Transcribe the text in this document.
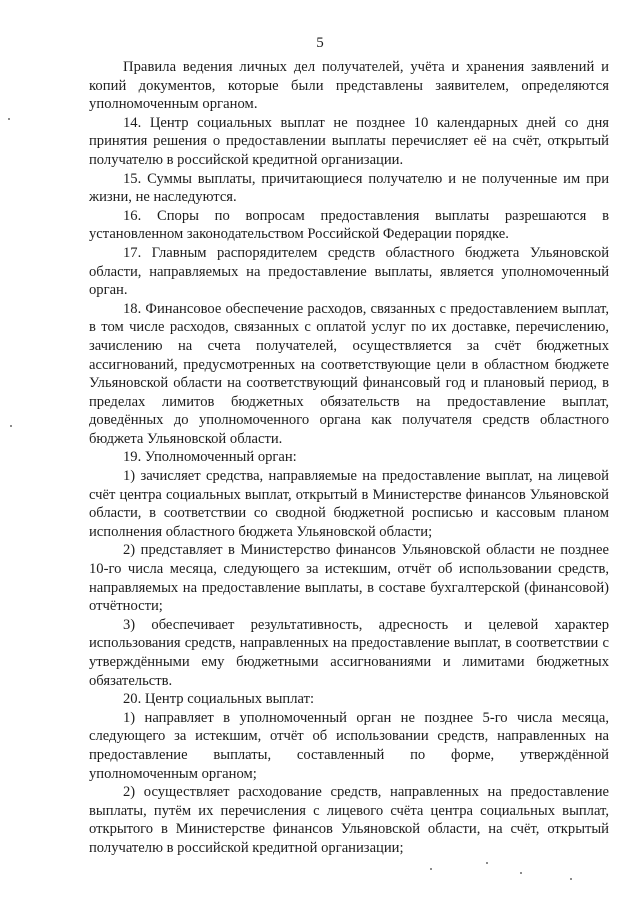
5

Правила ведения личных дел получателей, учёта и хранения заявлений и копий документов, которые были представлены заявителем, определяются уполномоченным органом.

14. Центр социальных выплат не позднее 10 календарных дней со дня принятия решения о предоставлении выплаты перечисляет её на счёт, открытый получателю в российской кредитной организации.

15. Суммы выплаты, причитающиеся получателю и не полученные им при жизни, не наследуются.

16. Споры по вопросам предоставления выплаты разрешаются в установленном законодательством Российской Федерации порядке.

17. Главным распорядителем средств областного бюджета Ульяновской области, направляемых на предоставление выплаты, является уполномоченный орган.

18. Финансовое обеспечение расходов, связанных с предоставлением выплат, в том числе расходов, связанных с оплатой услуг по их доставке, перечислению, зачислению на счета получателей, осуществляется за счёт бюджетных ассигнований, предусмотренных на соответствующие цели в областном бюджете Ульяновской области на соответствующий финансовый год и плановый период, в пределах лимитов бюджетных обязательств на предоставление выплат, доведённых до уполномоченного органа как получателя средств областного бюджета Ульяновской области.

19. Уполномоченный орган:

1) зачисляет средства, направляемые на предоставление выплат, на лицевой счёт центра социальных выплат, открытый в Министерстве финансов Ульяновской области, в соответствии со сводной бюджетной росписью и кассовым планом исполнения областного бюджета Ульяновской области;

2) представляет в Министерство финансов Ульяновской области не позднее 10-го числа месяца, следующего за истекшим, отчёт об использовании средств, направляемых на предоставление выплаты, в составе бухгалтерской (финансовой) отчётности;

3) обеспечивает результативность, адресность и целевой характер использования средств, направленных на предоставление выплат, в соответствии с утверждёнными ему бюджетными ассигнованиями и лимитами бюджетных обязательств.

20. Центр социальных выплат:

1) направляет в уполномоченный орган не позднее 5-го числа месяца, следующего за истекшим, отчёт об использовании средств, направленных на предоставление выплаты, составленный по форме, утверждённой уполномоченным органом;

2) осуществляет расходование средств, направленных на предоставление выплаты, путём их перечисления с лицевого счёта центра социальных выплат, открытого в Министерстве финансов Ульяновской области, на счёт, открытый получателю в российской кредитной организации;
